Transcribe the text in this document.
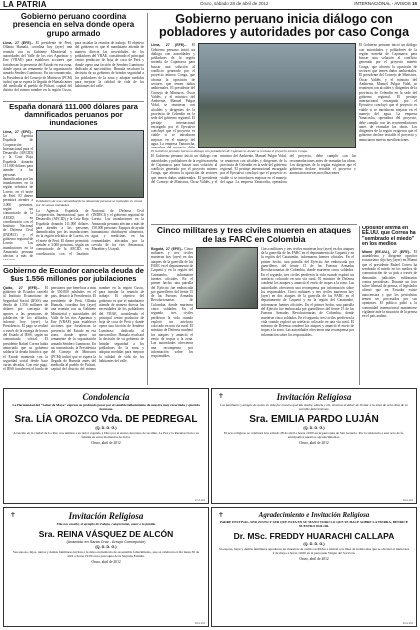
LA PATRIA	Oruro, sábado 28 de abril de 2012	INTERNACIONAL - AVISOS 15
Gobierno peruano coordina presencia en selva donde opera grupo armado
Lima, 27 (EFE).- El presidente de Perú, Ollanta Humala, coordina hoy (ayer) una reunión con su Gabinete Ministerial y autoridades del Valle de los ríos Apurímac y Ene (VRAE) para establecer acciones que fortalezcan la presencia del Estado en esa zona, donde opera un remanente de la organización armada Sendero Luminoso. En un comunicado, la Presidencia del Consejo de Ministros (PCM) indicó que se espera la llegada de Humala antes del mediodía al pueblo de Pichari, capital del distrito del mismo nombre en la región Cusco, para instalar la reunión de trabajo. El objetivo del gobierno es que el mandatario atienda de manera directa las necesidades de los pobladores del VRAE, considerado el principal centro productor de hoja de coca de Perú y donde opera una facción de Sendero Luminoso dedicada al narcotráfico. Humala recalcará la decisión de su gobierno de brindar seguridad a los pobladores de la zona y adoptar medidas para mejorar la calidad de vida de los habitantes del valle.
España donará 111.000 dólares para damnificados peruanos por inundaciones
Lima, 27 (EFE).- La Agencia Española de Cooperación Internacional para el Desarrollo (AECID) y la Cruz Roja Española donarán 111.000 dólares para atender a las personas damnificadas por las inundaciones en la región selvática de Loreto, en el norte de Perú. El dinero permitirá atender a 3.000 personas, según un comunicado de la AECID, en coordinación con el Instituto Nacional de Defensa Civil (INDECI) y el gobierno regional de Loreto. Las inundaciones en la Amazonía peruana afectan a más de
Pobladores de una comunidad de la Amazonía peruana se trasladan en canoa por las zonas inundadas.
La Agencia Española de Cooperación Internacional para el Desarrollo (AECID) y la Cruz Roja Española donarán 111.000 dólares para atender a las personas damnificadas por las inundaciones en la región selvática de Loreto, en el norte de Perú. El dinero permitirá atender a 3.000 personas, según un comunicado de la AECID, en coordinación con el Instituto Nacional de Defensa Civil (INDECI) y el gobierno regional de Loreto. Las inundaciones en la Amazonía peruana afectan a más de 150.000 personas. Equipos de ayuda humanitaria distribuyen alimentos, agua y medicinas en las comunidades afectadas por la crecida de los ríos Amazonas, Marañón y Ucayali.
Gobierno de Ecuador cancela deuda de $us 1.556 millones por jubilaciones
Quito, 27 (EFE).- El gobierno de Ecuador canceló al Instituto Ecuatoriano de Seguridad Social (IESS) una deuda de 1.556 millones de dólares por concepto de aportes a las pensiones de jubilación de los afiliados, informó hoy (ayer) la Presidencia. El pago se realizó a través de la entrega de bonos del Estado al IESS, según un comunicado oficial. El presidente Rafael Correa había anunciado que su gobierno saldaría la deuda histórica que el Estado mantenía con la seguridad social desde hace varias décadas. Con este pago, el IESS fortalecerá el fondo de pensiones que beneficia a más de 350.000 jubilados en el país, destacó la Presidencia. El presidente de Perú, Ollanta Humala, coordina hoy (ayer) una reunión con su Gabinete Ministerial y autoridades del Valle de los ríos Apurímac y Ene (VRAE) para establecer acciones que fortalezcan la presencia del Estado en esa zona, donde opera un remanente de la organización armada Sendero Luminoso. En un comunicado, la Presidencia del Consejo de Ministros (PCM) indicó que se espera la llegada de Humala antes del mediodía al pueblo de Pichari, capital del distrito del mismo nombre en la región Cusco, para instalar la reunión de trabajo. El objetivo del gobierno es que el mandatario atienda de manera directa las necesidades de los pobladores del VRAE, considerado el principal centro productor de hoja de coca de Perú y donde opera una facción de Sendero Luminoso dedicada al narcotráfico. Humala recalcará la decisión de su gobierno de brindar seguridad a los pobladores de la zona y adoptar medidas para mejorar la calidad de vida de los habitantes del valle.
Gobierno peruano inicia diálogo con pobladores y autoridades por caso Conga
Lima, 27 (EFE).- El Gobierno peruano inició un diálogo con autoridades y pobladores de la región norteña de Cajamarca para buscar una solución al conflicto generado por el proyecto minero Conga, que afronta la oposición de sectores que temen daños ambientales. El presidente del Consejo de Ministros, Óscar Valdés, y el ministro del Ambiente, Manuel Pulgar Vidal, se reunieron con alcaldes y dirigentes de la provincia de Celendín en la sede del gobierno regional. El peritaje internacional encargado por el Ejecutivo concluyó que el proyecto es viable si se introducen mejoras en el manejo del agua. La empresa Yanacocha,
El Gobierno peruano inicia un diálogo con pobladores de Cajamarca, donde se rechaza el proyecto minero Conga.
El Gobierno peruano inició un diálogo con autoridades y pobladores de la región norteña de Cajamarca para buscar una solución al conflicto generado por el proyecto minero Conga, que afronta la oposición de sectores que temen daños ambientales. El presidente del Consejo de Ministros, Óscar Valdés, y el ministro del Ambiente, Manuel Pulgar Vidal, se reunieron con alcaldes y dirigentes de la provincia de Celendín en la sede del gobierno regional. El peritaje internacional encargado por el Ejecutivo concluyó que el proyecto es viable si se introducen mejoras en el manejo del agua. La empresa Yanacocha, operadora del proyecto, debe cumplir con las recomendaciones antes de reanudar las obras. Los dirigentes de la región exigieron que el gobierno declare inviable el proyecto y anunciaron nuevas movilizaciones.
El Gobierno peruano inició un diálogo con autoridades y pobladores de la región norteña de Cajamarca para buscar una solución al conflicto generado por el proyecto minero Conga, que afronta la oposición de sectores que temen daños ambientales. El presidente del Consejo de Ministros, Óscar Valdés, y el ministro del Ambiente, Manuel Pulgar Vidal, se reunieron con alcaldes y dirigentes de la provincia de Celendín en la sede del gobierno regional. El peritaje internacional encargado por el Ejecutivo concluyó que el proyecto es viable si se introducen mejoras en el manejo del agua. La empresa Yanacocha, operadora del proyecto, debe cumplir con las recomendaciones antes de reanudar las obras. Los dirigentes de la región exigieron que el gobierno declare inviable el proyecto y anunciaron nuevas movilizaciones.
Cinco militares y tres civiles mueren en ataques de las FARC en Colombia
Bogotá, 27 (EFE).- Cinco militares y tres civiles murieron hoy (ayer) en dos ataques de la guerrilla de las FARC en el departamento de Caquetá y en la región del Catatumbo, informaron fuentes oficiales. En el primer hecho, una patrulla del Ejército fue emboscada por guerrilleros del frente 15 de las Fuerzas Armadas Revolucionarias de Colombia, donde murieron cinco soldados. En el segundo, tres civiles perdieron la vida cuando explotó un artefacto colocado en una vía rural. El ministro de Defensa condenó los ataques y anunció el envío de tropas a la zona. Las autoridades ofrecieron una recompensa por información sobre los responsables.
Cinco militares y tres civiles murieron hoy (ayer) en dos ataques de la guerrilla de las FARC en el departamento de Caquetá y en la región del Catatumbo, informaron fuentes oficiales. En el primer hecho, una patrulla del Ejército fue emboscada por guerrilleros del frente 15 de las Fuerzas Armadas Revolucionarias de Colombia, donde murieron cinco soldados. En el segundo, tres civiles perdieron la vida cuando explotó un artefacto colocado en una vía rural. El ministro de Defensa condenó los ataques y anunció el envío de tropas a la zona. Las autoridades ofrecieron una recompensa por información sobre los responsables. Cinco militares y tres civiles murieron hoy (ayer) en dos ataques de la guerrilla de las FARC en el departamento de Caquetá y en la región del Catatumbo, informaron fuentes oficiales. En el primer hecho, una patrulla del Ejército fue emboscada por guerrilleros del frente 15 de las Fuerzas Armadas Revolucionarias de Colombia, donde murieron cinco soldados. En el segundo, tres civiles perdieron la vida cuando explotó un artefacto colocado en una vía rural. El ministro de Defensa condenó los ataques y anunció el envío de tropas a la zona. Las autoridades ofrecieron una recompensa por información sobre los responsables.
Opositor afirma en EE.UU. que Correa ha "sembrado el miedo" en los medios
Miami (EE.UU.), 27 (EFE).- El asambleísta y dirigente opositor ecuatoriano dijo hoy (ayer) en Miami que el presidente Rafael Correa ha sembrado el miedo en los medios de comunicación de su país a través de demandas judiciales millonarias contra periodistas. Durante un foro sobre libertad de prensa, el legislador afirmó que en Ecuador existe autocensura y que los periodistas temen ser procesados por sus opiniones. El político pidió a la comunidad internacional mantenerse vigilante ante la situación de la prensa en el país andino.
Condolencia
La Hermandad del "Señor de Mayo" expresa su profundo pesar por el sensible fallecimiento de nuestra muy recordada y querida hermana
Sra. LÍA OROZCO Vda. DE PEDREGAL
(Q. D. D. G.)
Acaecido en la ciudad de La Paz, nos unimos a su dolor rogando a Dios por el eterno descanso de su alma. La Paz y la Resurrección a su familia en estos momentos de dolor.
Oruro, abril de 2012
17-A-012
✝	Invitación Religiosa
Los familiares y amigos de quien en vida fue nuestra querida madre, abuela y tía, tenemos el deber de invitar a la misa de ocho días de su sensible fallecimiento.
Sra. EMILIA PARDO LUJÁN
(Q. D. D. G.)
El acto religioso se celebrará hoy sábado 28 de abril a horas 19:00 en la parroquia de San Gerardo. Por la asistencia a este acto de fe, anticipamos nuestros agradecimientos.
Oruro, abril de 2012
18-A-012
✝	Invitación Religiosa
Ella nos enseñó, el ejemplo de trabajo, comprensión, amor a la familia
Sra. REINA VÁSQUEZ DE ALCÓN
(Acaecido en Santa Cruz - Arroyo Concepción)
(Q. D. D. G.)
Sus esposo, hijos, nietos y demás familiares invitan a la misa en memoria de su sensible fallecimiento, que se celebrará el día lunes 30 de abril a horas 19:00 en la parroquia de la Sagrada Familia.
Oruro, abril de 2012
19-A-012
✝	Agradecimiento e Invitación Religiosa
PADRE FESTIVAL, SER JUSTO Y SER QUE ESTA EN SU MANO TODO LO QUE SE HACE SOBRE LA TIERRA, BENDICE NUESTRO DOLOR.
Dr. MSc. FREDDY HUARACHI CALLAPA
(Q. D. D. G.)
Su esposa, hijos y demás familiares agradecen las muestras de cariño recibidas e invitan a la misa de treinta días que se oficiará el miércoles 2 de mayo a horas 19:00 en la parroquia Virgen del Socavón.
Oruro, abril de 2012
20-A-012
